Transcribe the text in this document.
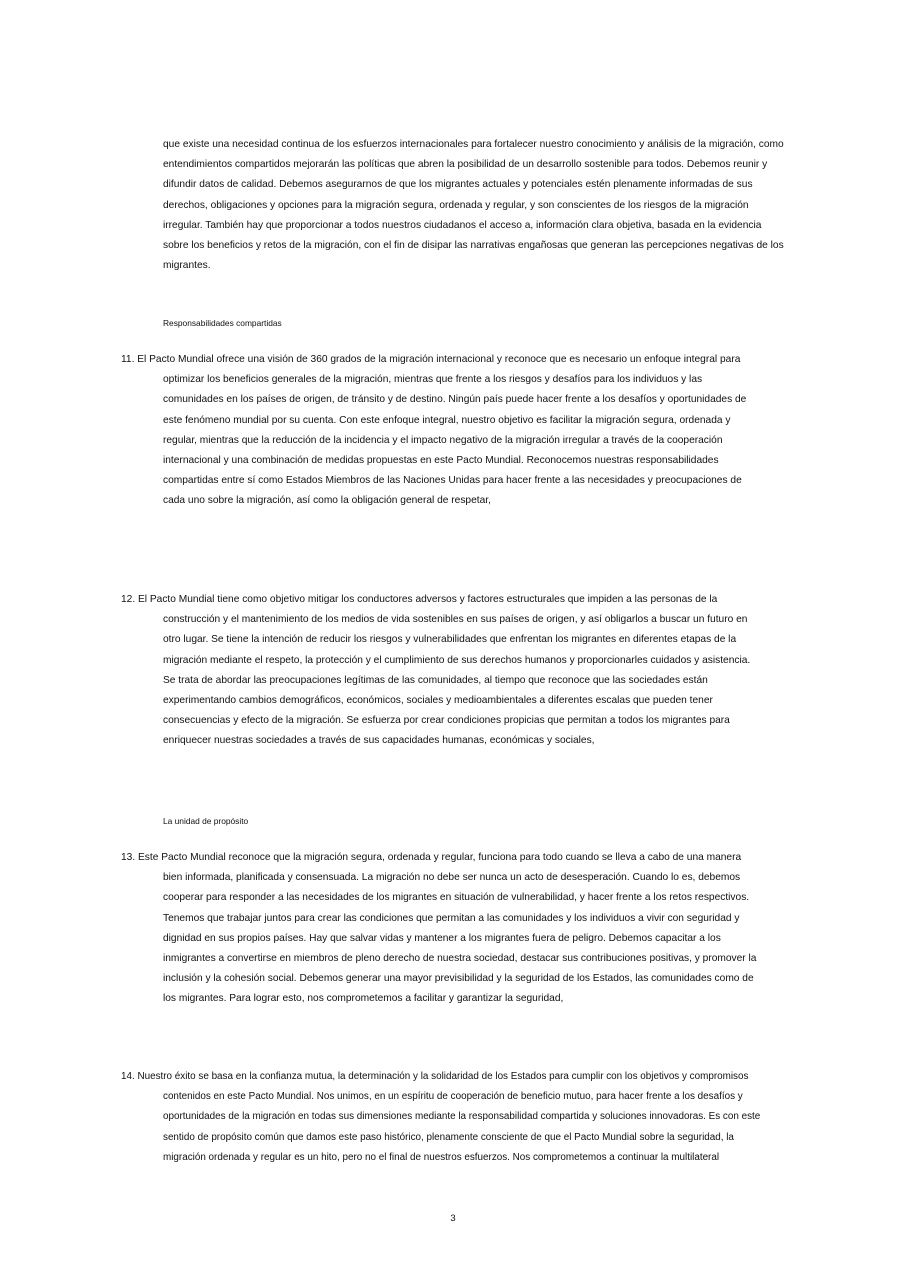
que existe una necesidad continua de los esfuerzos internacionales para fortalecer nuestro conocimiento y análisis de la migración, como
entendimientos compartidos mejorarán las políticas que abren la posibilidad de un desarrollo sostenible para todos. Debemos reunir y
difundir datos de calidad. Debemos asegurarnos de que los migrantes actuales y potenciales estén plenamente informadas de sus
derechos, obligaciones y opciones para la migración segura, ordenada y regular, y son conscientes de los riesgos de la migración
irregular. También hay que proporcionar a todos nuestros ciudadanos el acceso a, información clara objetiva, basada en la evidencia
sobre los beneficios y retos de la migración, con el fin de disipar las narrativas engañosas que generan las percepciones negativas de los
migrantes.
Responsabilidades compartidas
11. El Pacto Mundial ofrece una visión de 360 grados de la migración internacional y reconoce que es necesario un enfoque integral para
optimizar los beneficios generales de la migración, mientras que frente a los riesgos y desafíos para los individuos y las
comunidades en los países de origen, de tránsito y de destino. Ningún país puede hacer frente a los desafíos y oportunidades de
este fenómeno mundial por su cuenta. Con este enfoque integral, nuestro objetivo es facilitar la migración segura, ordenada y
regular, mientras que la reducción de la incidencia y el impacto negativo de la migración irregular a través de la cooperación
internacional y una combinación de medidas propuestas en este Pacto Mundial. Reconocemos nuestras responsabilidades
compartidas entre sí como Estados Miembros de las Naciones Unidas para hacer frente a las necesidades y preocupaciones de
cada uno sobre la migración, así como la obligación general de respetar,
12. El Pacto Mundial tiene como objetivo mitigar los conductores adversos y factores estructurales que impiden a las personas de la
construcción y el mantenimiento de los medios de vida sostenibles en sus países de origen, y así obligarlos a buscar un futuro en
otro lugar. Se tiene la intención de reducir los riesgos y vulnerabilidades que enfrentan los migrantes en diferentes etapas de la
migración mediante el respeto, la protección y el cumplimiento de sus derechos humanos y proporcionarles cuidados y asistencia.
Se trata de abordar las preocupaciones legítimas de las comunidades, al tiempo que reconoce que las sociedades están
experimentando cambios demográficos, económicos, sociales y medioambientales a diferentes escalas que pueden tener
consecuencias y efecto de la migración. Se esfuerza por crear condiciones propicias que permitan a todos los migrantes para
enriquecer nuestras sociedades a través de sus capacidades humanas, económicas y sociales,
La unidad de propósito
13. Este Pacto Mundial reconoce que la migración segura, ordenada y regular, funciona para todo cuando se lleva a cabo de una manera
bien informada, planificada y consensuada. La migración no debe ser nunca un acto de desesperación. Cuando lo es, debemos
cooperar para responder a las necesidades de los migrantes en situación de vulnerabilidad, y hacer frente a los retos respectivos.
Tenemos que trabajar juntos para crear las condiciones que permitan a las comunidades y los individuos a vivir con seguridad y
dignidad en sus propios países. Hay que salvar vidas y mantener a los migrantes fuera de peligro. Debemos capacitar a los
inmigrantes a convertirse en miembros de pleno derecho de nuestra sociedad, destacar sus contribuciones positivas, y promover la
inclusión y la cohesión social. Debemos generar una mayor previsibilidad y la seguridad de los Estados, las comunidades como de
los migrantes. Para lograr esto, nos comprometemos a facilitar y garantizar la seguridad,
14. Nuestro éxito se basa en la confianza mutua, la determinación y la solidaridad de los Estados para cumplir con los objetivos y compromisos
contenidos en este Pacto Mundial. Nos unimos, en un espíritu de cooperación de beneficio mutuo, para hacer frente a los desafíos y
oportunidades de la migración en todas sus dimensiones mediante la responsabilidad compartida y soluciones innovadoras. Es con este
sentido de propósito común que damos este paso histórico, plenamente consciente de que el Pacto Mundial sobre la seguridad, la
migración ordenada y regular es un hito, pero no el final de nuestros esfuerzos. Nos comprometemos a continuar la multilateral
3
